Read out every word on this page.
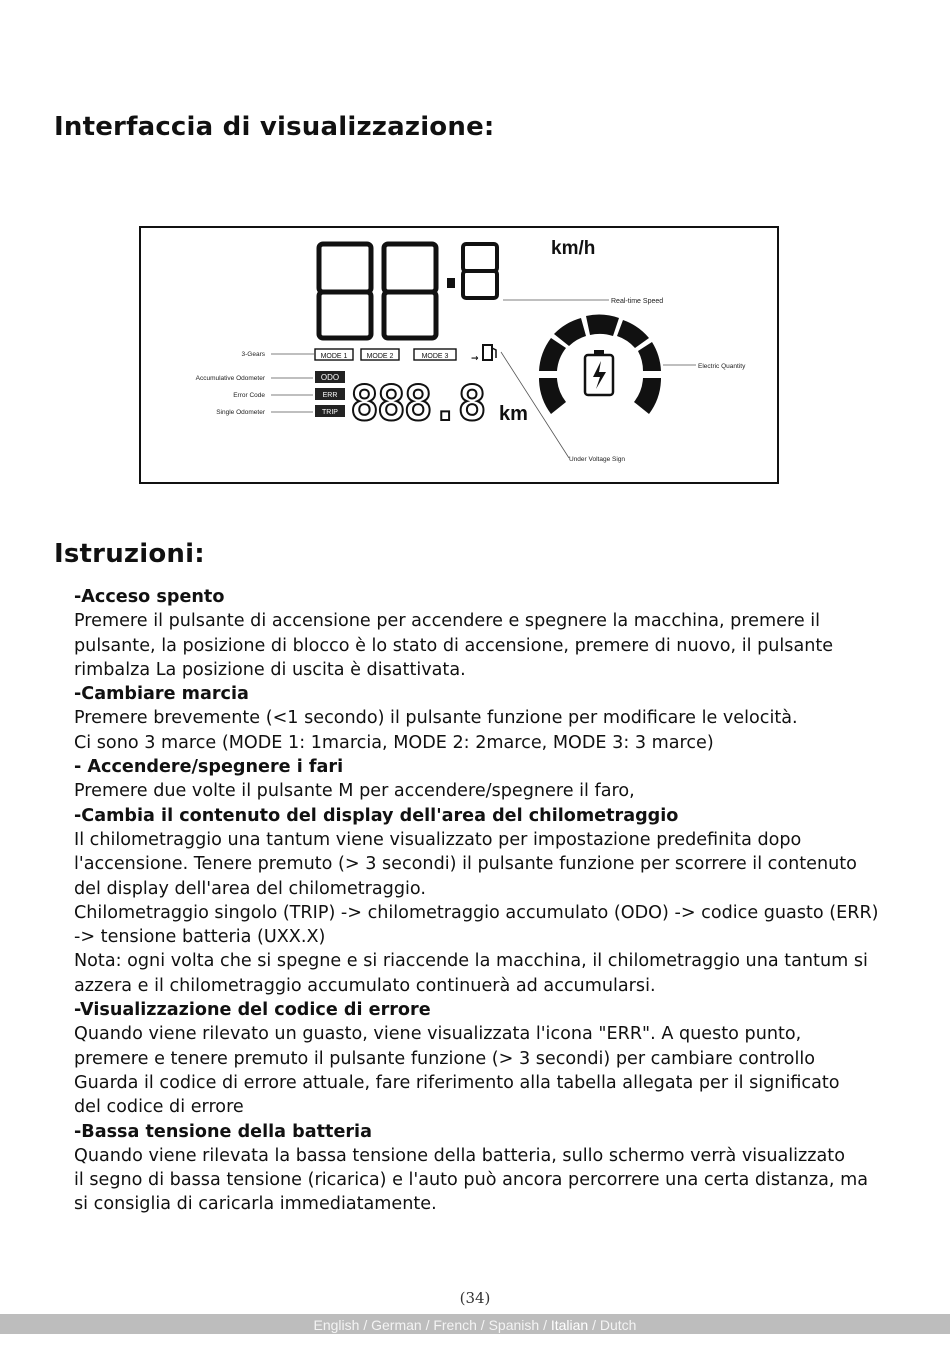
Interfaccia di visualizzazione:
km/h
Real-time Speed
MODE 1	MODE 2	MODE 3	→
3-Gears
Accumulative Odometer
Error Code
Single Odometer
ODO
ERR
TRIP 888.8 km
Electric Quantity
Under Voltage Sign
Istruzioni:

-Acceso spento

Premere il pulsante di accensione per accendere e spegnere la macchina, premere il

pulsante, la posizione di blocco è lo stato di accensione, premere di nuovo, il pulsante

rimbalza La posizione di uscita è disattivata.

-Cambiare marcia

Premere brevemente (<1 secondo) il pulsante funzione per modificare le velocità.

Ci sono 3 marce (MODE 1: 1marcia, MODE 2: 2marce, MODE 3: 3 marce)

- Accendere/spegnere i fari

Premere due volte il pulsante M per accendere/spegnere il faro,

-Cambia il contenuto del display dell'area del chilometraggio

Il chilometraggio una tantum viene visualizzato per impostazione predefinita dopo

l'accensione. Tenere premuto (> 3 secondi) il pulsante funzione per scorrere il contenuto

del display dell'area del chilometraggio.

Chilometraggio singolo (TRIP) -> chilometraggio accumulato (ODO) -> codice guasto (ERR)

-> tensione batteria (UXX.X)

Nota: ogni volta che si spegne e si riaccende la macchina, il chilometraggio una tantum si

azzera e il chilometraggio accumulato continuerà ad accumularsi.

-Visualizzazione del codice di errore

Quando viene rilevato un guasto, viene visualizzata l'icona "ERR". A questo punto,

premere e tenere premuto il pulsante funzione (> 3 secondi) per cambiare controllo

Guarda il codice di errore attuale, fare riferimento alla tabella allegata per il significato

del codice di errore

-Bassa tensione della batteria

Quando viene rilevata la bassa tensione della batteria, sullo schermo verrà visualizzato

il segno di bassa tensione (ricarica) e l'auto può ancora percorrere una certa distanza, ma

si consiglia di caricarla immediatamente.

(34)
English / German / French / Spanish / Italian / Dutch
